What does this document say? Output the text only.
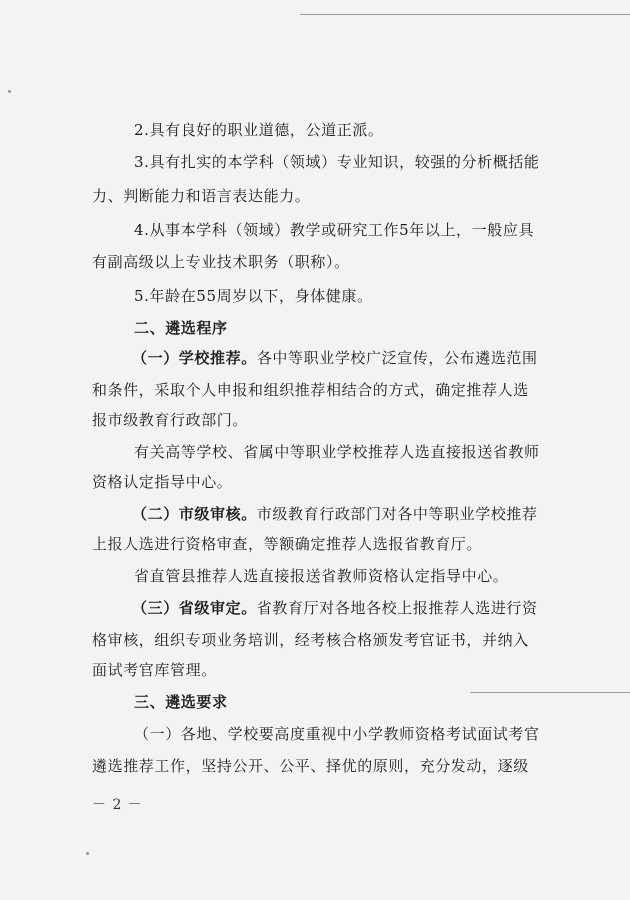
2.具有良好的职业道德，公道正派。
3.具有扎实的本学科（领域）专业知识，较强的分析概括能
力、判断能力和语言表达能力。
4.从事本学科（领域）教学或研究工作5年以上，一般应具
有副高级以上专业技术职务（职称）。
5.年龄在55周岁以下，身体健康。
二、遴选程序
（一）学校推荐。各中等职业学校广泛宣传，公布遴选范围
和条件，采取个人申报和组织推荐相结合的方式，确定推荐人选
报市级教育行政部门。
有关高等学校、省属中等职业学校推荐人选直接报送省教师
资格认定指导中心。
（二）市级审核。市级教育行政部门对各中等职业学校推荐
上报人选进行资格审查，等额确定推荐人选报省教育厅。
省直管县推荐人选直接报送省教师资格认定指导中心。
（三）省级审定。省教育厅对各地各校上报推荐人选进行资
格审核，组织专项业务培训，经考核合格颁发考官证书，并纳入
面试考官库管理。
三、遴选要求
（一）各地、学校要高度重视中小学教师资格考试面试考官
遴选推荐工作，坚持公开、公平、择优的原则，充分发动，逐级
－ 2 －
